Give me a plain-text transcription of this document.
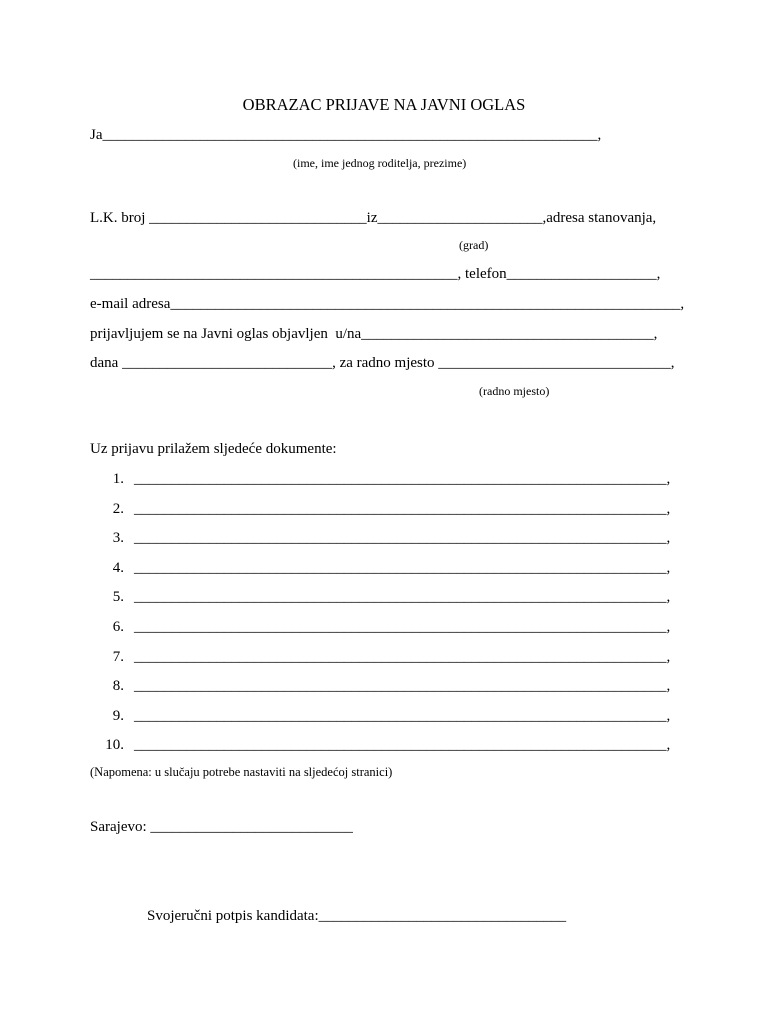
OBRAZAC PRIJAVE NA JAVNI OGLAS
Ja__________________________________________________________________,
(ime, ime jednog roditelja, prezime)
L.K. broj _____________________________iz______________________,adresa stanovanja,
(grad)
_________________________________________________, telefon____________________,
e-mail adresa____________________________________________________________________,
prijavljujem se na Javni oglas objavljen  u/na_______________________________________,
dana ____________________________, za radno mjesto _______________________________,
(radno mjesto)
Uz prijavu prilažem sljedeće dokumente:
1. _______________________________________________________________________,
2. _______________________________________________________________________,
3. _______________________________________________________________________,
4. _______________________________________________________________________,
5. _______________________________________________________________________,
6. _______________________________________________________________________,
7. _______________________________________________________________________,
8. _______________________________________________________________________,
9. _______________________________________________________________________,
10. _______________________________________________________________________,
(Napomena: u slučaju potrebe nastaviti na sljedećoj stranici)
Sarajevo: ___________________________
Svojeručni potpis kandidata:_________________________________
